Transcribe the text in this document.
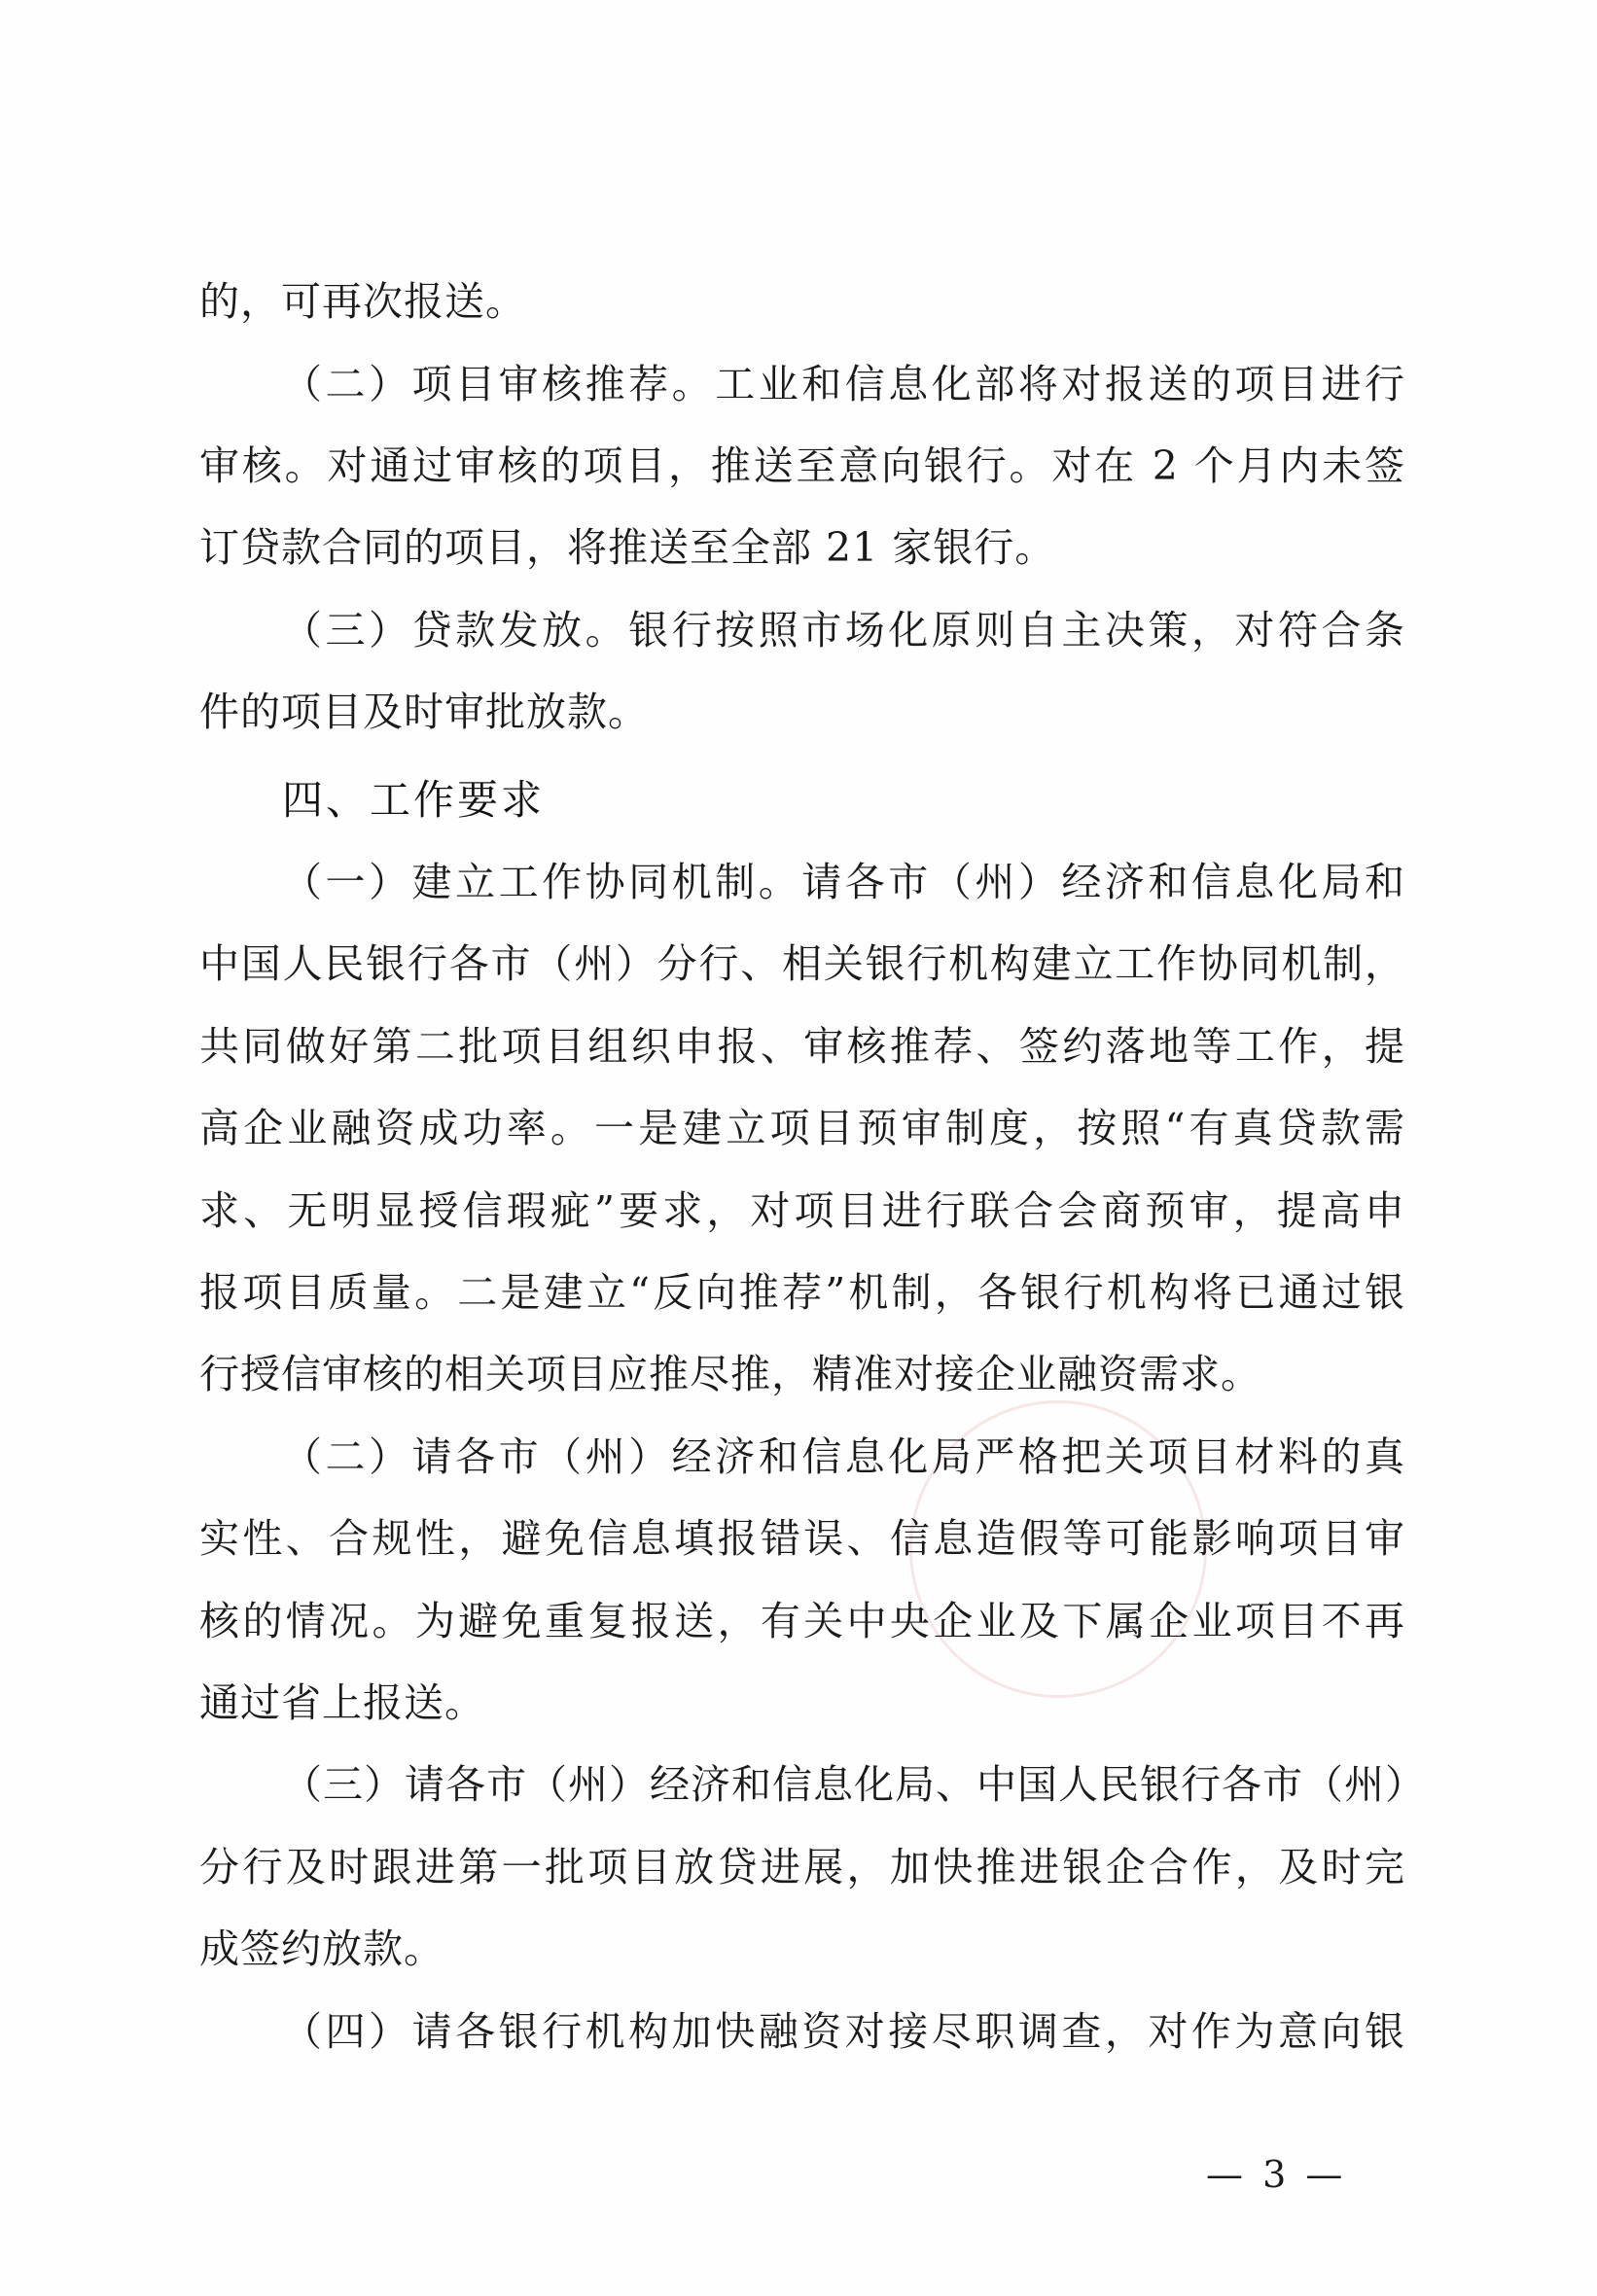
的，可再次报送。
（二）项目审核推荐。工业和信息化部将对报送的项目进行
审核。对通过审核的项目，推送至意向银行。对在 2 个月内未签
订贷款合同的项目，将推送至全部 21 家银行。
（三）贷款发放。银行按照市场化原则自主决策，对符合条
件的项目及时审批放款。
四、工作要求
（一）建立工作协同机制。请各市（州）经济和信息化局和
中国人民银行各市（州）分行、相关银行机构建立工作协同机制，
共同做好第二批项目组织申报、审核推荐、签约落地等工作，提
高企业融资成功率。一是建立项目预审制度，按照“有真贷款需
求、无明显授信瑕疵”要求，对项目进行联合会商预审，提高申
报项目质量。二是建立“反向推荐”机制，各银行机构将已通过银
行授信审核的相关项目应推尽推，精准对接企业融资需求。
（二）请各市（州）经济和信息化局严格把关项目材料的真
实性、合规性，避免信息填报错误、信息造假等可能影响项目审
核的情况。为避免重复报送，有关中央企业及下属企业项目不再
通过省上报送。
（三）请各市（州）经济和信息化局、中国人民银行各市（州）
分行及时跟进第一批项目放贷进展，加快推进银企合作，及时完
成签约放款。
（四）请各银行机构加快融资对接尽职调查，对作为意向银
— 3 —
